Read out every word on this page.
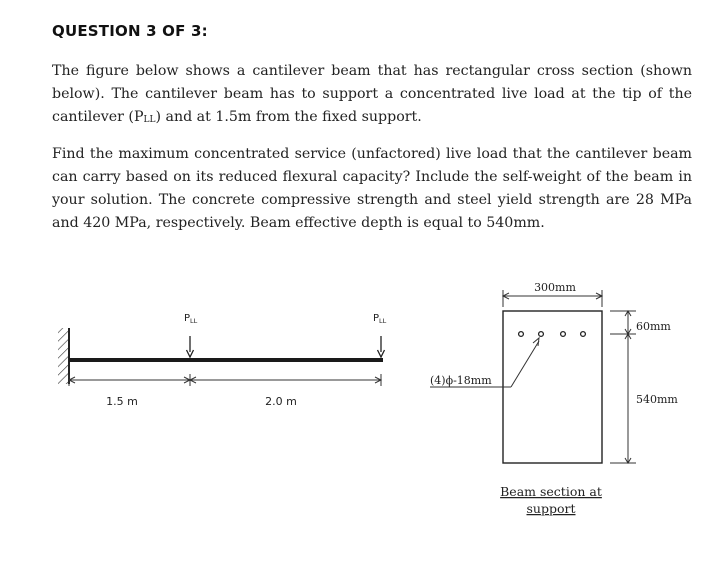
QUESTION 3 OF 3:
The figure below shows a cantilever beam that has rectangular cross section (shown below). The cantilever beam has to support a concentrated live load at the tip of the cantilever $(P_{LL})$ and at 1.5m from the fixed support.
Find the maximum concentrated service (unfactored) live load that the cantilever beam can carry based on its reduced flexural capacity? Include the self-weight of the beam in your solution. The concrete compressive strength and steel yield strength are 28 MPa and 420 MPa, respectively. Beam effective depth is equal to 540mm.
$P_{LL}$	$P_{LL}$
1.5 m	2.0 m
300mm
(4)ϕ-18mm
60mm
540mm
Beam section at
support
